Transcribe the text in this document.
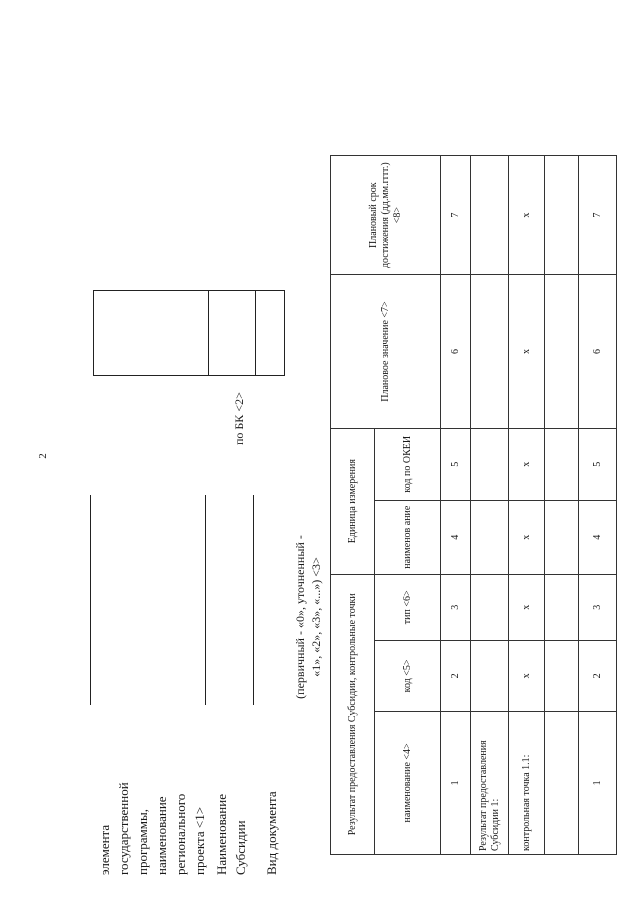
2
элемента государственной программы, наименование регионального проекта <1> Наименование Субсидии Вид документа
(первичный - «0», уточненный - «1», «2», «3», «...») <3>
по БК <2>
Результат предоставления Субсидии, контрольные точки			Единица измерения		Плановое значение <7>	Плановый срок достижения (дд.мм.гггг.) <8>
наименование <4>	код <5>	тип <6>	наименов ание	код по ОКЕИ		
1	2	3	4	5	6	7
Результат предоставления Субсидии 1:						
контрольная точка 1.1:	x	x	x	x	x	x

1	2	3	4	5	6	7
